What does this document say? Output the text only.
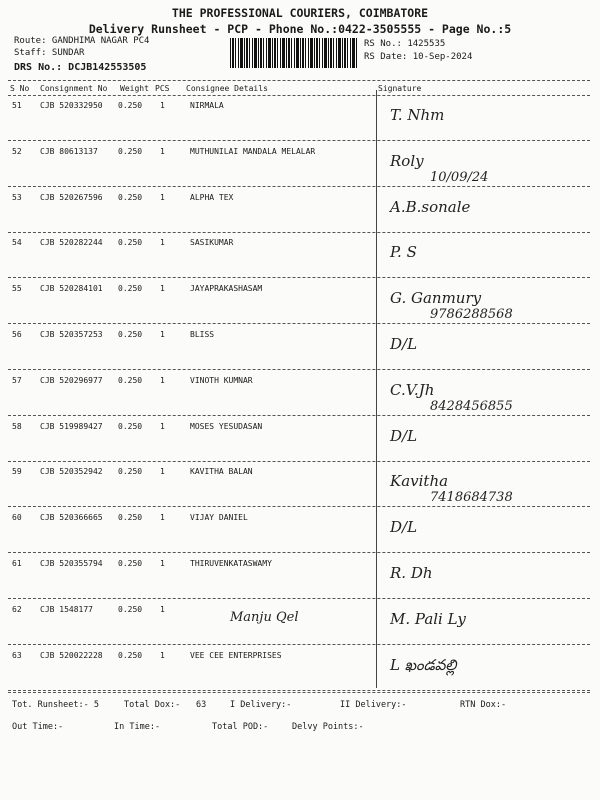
THE PROFESSIONAL COURIERS, COIMBATORE
Delivery Runsheet - PCP - Phone No.:0422-3505555 - Page No.:5
Route: GANDHIMA NAGAR PC4
Staff: SUNDAR
DRS No.: DCJB142553505
RS No.: 1425535
RS Date: 10-Sep-2024
S No Consignment No Weight PCS Consignee Details	Signature
51 CJB 520332950 0.250 1	NIRMALA
T. Nhm
52 CJB 80613137	0.250 1	MUTHUNILAI MANDALA MELALAR
Roly
10/09/24
53 CJB 520267596 0.250 1	ALPHA TEX
A.B.sonale
54 CJB 520282244 0.250 1	SASIKUMAR
P. S
55 CJB 520284101 0.250 1	JAYAPRAKASHASAM
G. Ganmury
9786288568
56 CJB 520357253 0.250 1	BLISS
D/L
57 CJB 520296977 0.250 1	VINOTH KUMNAR
C.V.Jh
8428456855
58 CJB 519989427 0.250 1	MOSES YESUDASAN
D/L
59 CJB 520352942 0.250 1	KAVITHA BALAN
Kavitha
7418684738
60 CJB 520366665 0.250 1	VIJAY DANIEL
D/L
61 CJB 520355794 0.250 1	THIRUVENKATASWAMY
R. Dh
62 CJB 1548177	0.250 1
Manju Qel	M. Pali Ly
63 CJB 520022228 0.250 1	VEE CEE ENTERPRISES
L ఖండవల్లి
Tot. Runsheet:- 5	Total Dox:- 63	I Delivery:-	II Delivery:-	RTN Dox:-
Out Time:-	In Time:-	Total POD:-	Delvy Points:-
